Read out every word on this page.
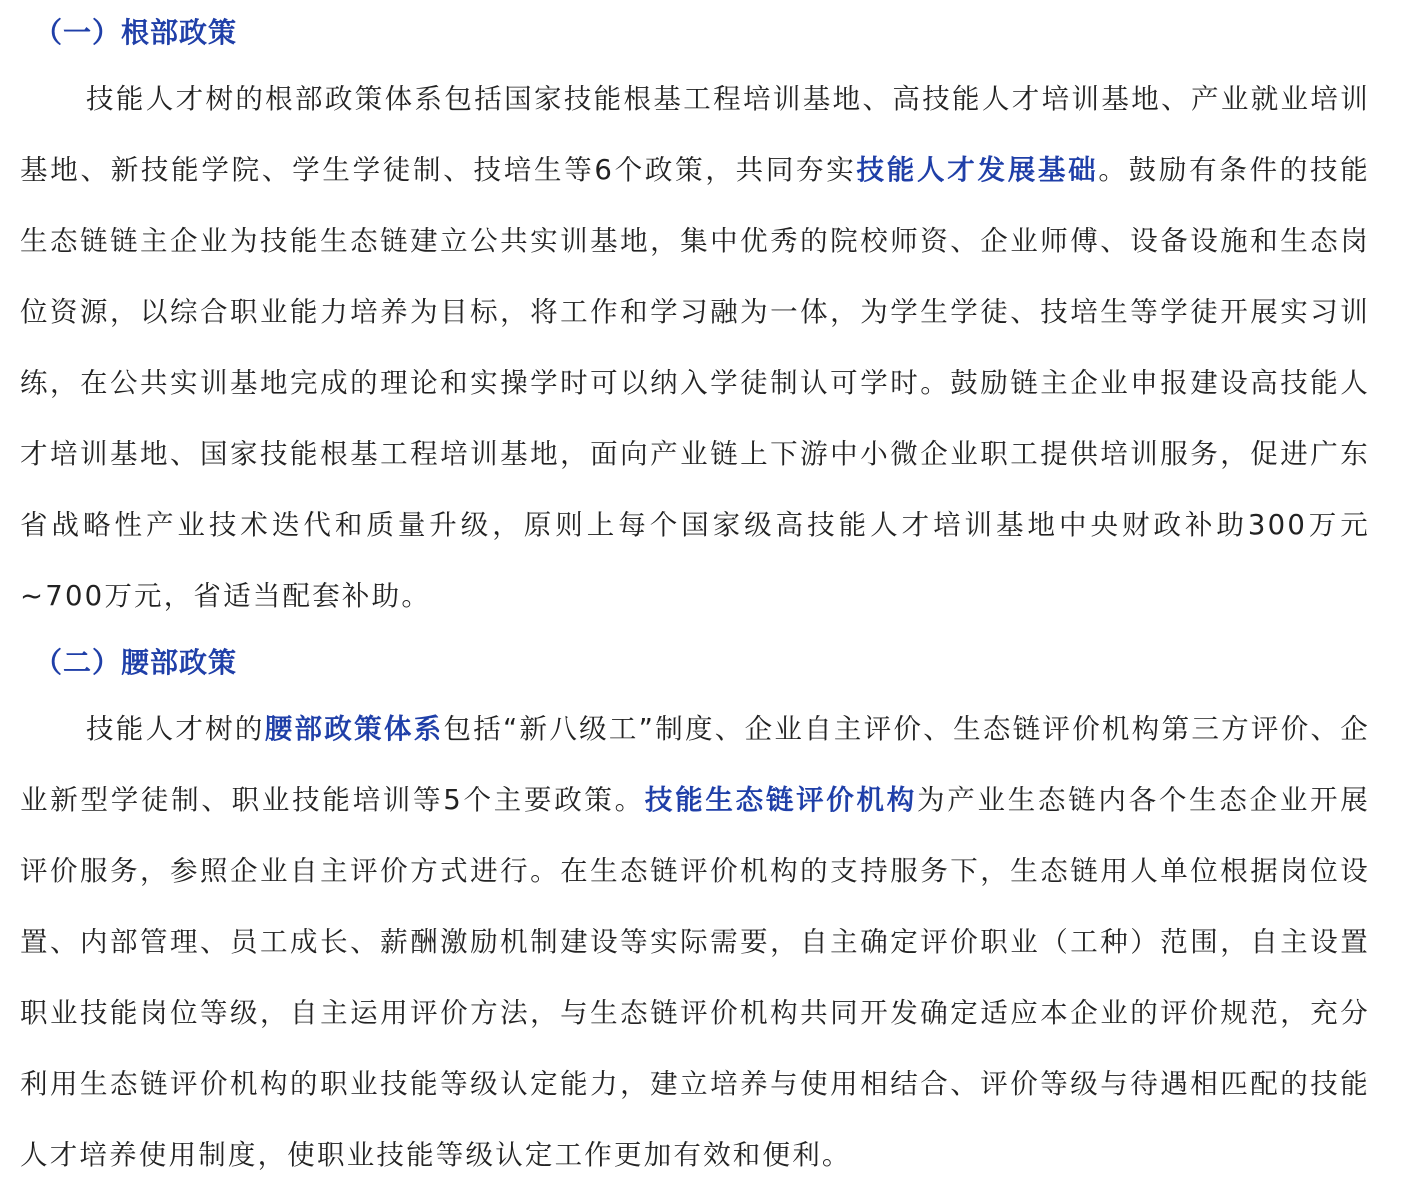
（一）根部政策

技能人才树的根部政策体系包括国家技能根基工程培训基地、高技能人才培训基地、产业就业培训基地、新技能学院、学生学徒制、技培生等6个政策，共同夯实技能人才发展基础。鼓励有条件的技能生态链链主企业为技能生态链建立公共实训基地，集中优秀的院校师资、企业师傅、设备设施和生态岗位资源，以综合职业能力培养为目标，将工作和学习融为一体，为学生学徒、技培生等学徒开展实习训练，在公共实训基地完成的理论和实操学时可以纳入学徒制认可学时。鼓励链主企业申报建设高技能人才培训基地、国家技能根基工程培训基地，面向产业链上下游中小微企业职工提供培训服务，促进广东省战略性产业技术迭代和质量升级，原则上每个国家级高技能人才培训基地中央财政补助300万元~700万元，省适当配套补助。

（二）腰部政策

技能人才树的腰部政策体系包括“新八级工”制度、企业自主评价、生态链评价机构第三方评价、企业新型学徒制、职业技能培训等5个主要政策。技能生态链评价机构为产业生态链内各个生态企业开展评价服务，参照企业自主评价方式进行。在生态链评价机构的支持服务下，生态链用人单位根据岗位设置、内部管理、员工成长、薪酬激励机制建设等实际需要，自主确定评价职业（工种）范围，自主设置职业技能岗位等级，自主运用评价方法，与生态链评价机构共同开发确定适应本企业的评价规范，充分利用生态链评价机构的职业技能等级认定能力，建立培养与使用相结合、评价等级与待遇相匹配的技能人才培养使用制度，使职业技能等级认定工作更加有效和便利。
